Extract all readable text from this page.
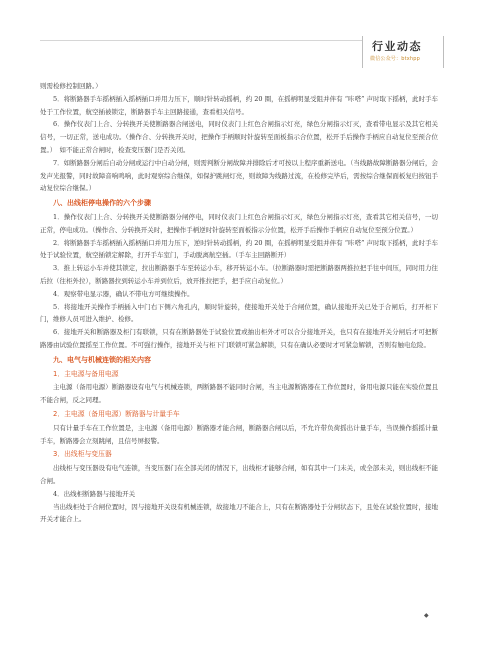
行业动态
微信公众号：btxhpp

则需检修控制回路。）

5．将断路器手车摇柄插入摇柄插口并用力压下，顺时针转动摇柄，约 20 圈，在摇柄明显受阻并伴有 “咔嗒” 声时取下摇柄，此时手车处于工作位置，航空插被锁定，断路器手车主回路接通，查看相关信号。

6．操作仪表门上合、分转换开关使断路器合闸送电，同时仪表门上红色合闸指示灯亮，绿色分闸指示灯灭，查看带电显示及其它相关信号，一切正常，送电成功。（操作合、分转换开关时，把操作手柄顺时针旋转至面板指示合位置，松开手后操作手柄应自动复位至预合位置。）　如不能正常合闸时，检查变压器门是否关闭。

7．如断路器分闸后自动分闸或运行中自动分闸，则需判断分闸故障并排除后才可按以上程序重新送电。（当线路故障断路器分闸后，会发声光报警，同时故障音响鸣响，此时观察综合继保，如保护跳闸灯亮，则故障为线路过流，在检修完毕后，需按综合继保面板复归按钮手动复位综合继保。）

八、出线柜停电操作的六个步骤

1．操作仪表门上合、分转换开关使断路器分闸停电，同时仪表门上红色合闸指示灯灭，绿色分闸指示灯亮，查看其它相关信号，一切正常，停电成功。（操作合、分转换开关时，把操作手柄逆时针旋转至面板指示分位置，松开手后操作手柄应自动复位至预分位置。）

2．将断路器手车摇柄插入摇柄插口并用力压下，逆时针转动摇柄，约 20 圈，在摇柄明显受阻并伴有 “咔嗒” 声时取下摇柄，此时手车处于试验位置，航空插锁定解除，打开手车室门，手动脱离航空插。（手车主回路断开）

3．推上转运小车并使其锁定，拉出断路器手车至转运小车，移开转运小车。（拉断路器时需把断路器两推拉把手往中间压，同时用力往后拉（往柜外拉），断路器拉到转运小车并到位后，放开推拉把手，把手应自动复位。）

4．观察带电显示器，确认不带电方可继续操作。

5．将接地开关操作手柄插入中门右下侧六角孔内，顺时针旋转，使接地开关处于合闸位置，确认接地开关已处于合闸后，打开柜下门，维修人员可进入维护、检修。

6．接地开关和断路器及柜门有联锁，只有在断路器处于试验位置或抽出柜外才可以合分接地开关，也只有在接地开关分闸后才可把断路器由试验位置摇至工作位置。不可强行操作，接地开关与柜下门联锁可紧急解锁，只有在确认必要时才可紧急解锁，否则有触电危险。

九、电气与机械连锁的相关内容
1．主电源与备用电源

主电源（备用电源）断路器设有电气与机械连锁，两断路器不能同时合闸，当主电源断路器在工作位置时，备用电源只能在实验位置且不能合闸，反之同理。

2．主电源（备用电源）断路器与计量手车

只有计量手车在工作位置是，主电源（备用电源）断路器才能合闸，断路器合闸以后，不允许带负荷摇出计量手车，当误操作摇摇计量手车，断路器会立刻跳闸，且信号屏报警。

3．出线柜与变压器

出线柜与变压器设有电气连锁，当变压器门在全部关闭的情况下，出线柜才能够合闸，如有其中一门未关，或全部未关，则出线柜不能合闸。

4．出线柜断路器与接地开关

当出线柜处于合闸位置时，因与接地开关设有机械连锁，故接地刀不能合上，只有在断路器处于分闸状态下，且处在试验位置时，接地开关才能合上。

◆
